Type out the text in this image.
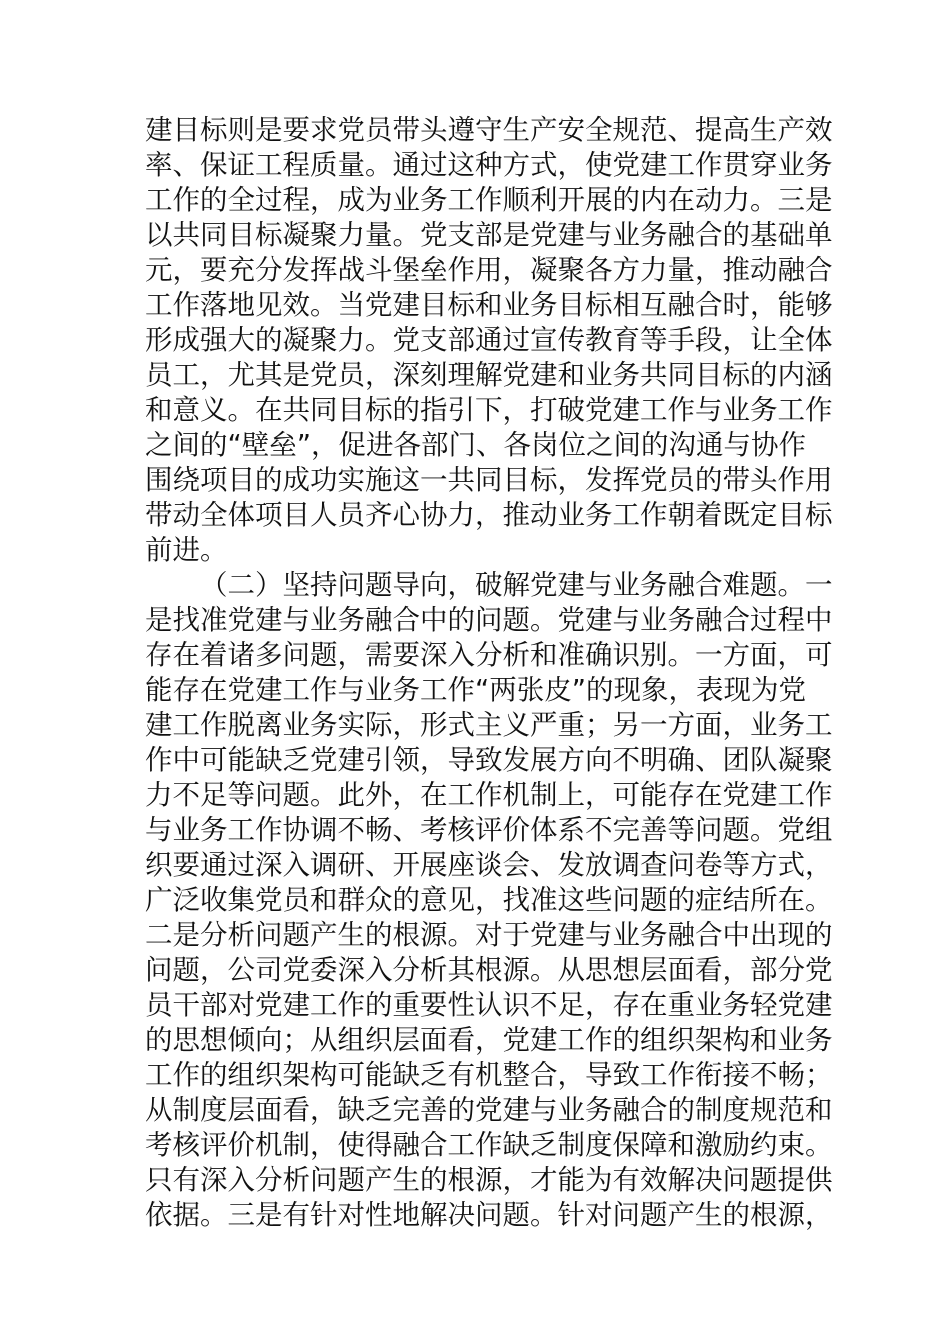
建目标则是要求党员带头遵守生产安全规范、提高生产效
率、保证工程质量。通过这种方式，使党建工作贯穿业务
工作的全过程，成为业务工作顺利开展的内在动力。三是
以共同目标凝聚力量。党支部是党建与业务融合的基础单
元，要充分发挥战斗堡垒作用，凝聚各方力量，推动融合
工作落地见效。当党建目标和业务目标相互融合时，能够
形成强大的凝聚力。党支部通过宣传教育等手段，让全体
员工，尤其是党员，深刻理解党建和业务共同目标的内涵
和意义。在共同目标的指引下，打破党建工作与业务工作
之间的“壁垒”，促进各部门、各岗位之间的沟通与协作
围绕项目的成功实施这一共同目标，发挥党员的带头作用
带动全体项目人员齐心协力，推动业务工作朝着既定目标
前进。
（二）坚持问题导向，破解党建与业务融合难题。一
是找准党建与业务融合中的问题。党建与业务融合过程中
存在着诸多问题，需要深入分析和准确识别。一方面，可
能存在党建工作与业务工作“两张皮”的现象，表现为党
建工作脱离业务实际，形式主义严重；另一方面，业务工
作中可能缺乏党建引领，导致发展方向不明确、团队凝聚
力不足等问题。此外，在工作机制上，可能存在党建工作
与业务工作协调不畅、考核评价体系不完善等问题。党组
织要通过深入调研、开展座谈会、发放调查问卷等方式，
广泛收集党员和群众的意见，找准这些问题的症结所在。
二是分析问题产生的根源。对于党建与业务融合中出现的
问题，公司党委深入分析其根源。从思想层面看，部分党
员干部对党建工作的重要性认识不足，存在重业务轻党建
的思想倾向；从组织层面看，党建工作的组织架构和业务
工作的组织架构可能缺乏有机整合，导致工作衔接不畅；
从制度层面看，缺乏完善的党建与业务融合的制度规范和
考核评价机制，使得融合工作缺乏制度保障和激励约束。
只有深入分析问题产生的根源，才能为有效解决问题提供
依据。三是有针对性地解决问题。针对问题产生的根源，
